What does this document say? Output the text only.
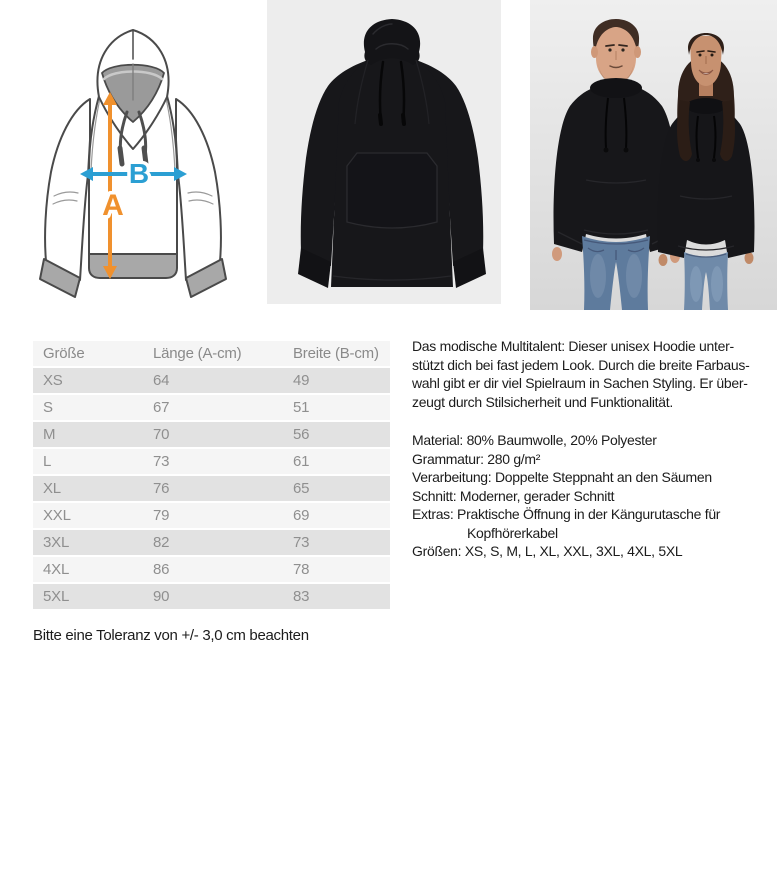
B
A
Größe	Länge (A-cm)	Breite (B-cm)
XS	64	49
S	67	51
M	70	56
L	73	61
XL	76	65
XXL	79	69
3XL	82	73
4XL	86	78
5XL	90	83
Bitte eine Toleranz von +/- 3,0 cm beachten
Das modische Multitalent: Dieser unisex Hoodie unter-
stützt dich bei fast jedem Look. Durch die breite Farbaus-
wahl gibt er dir viel Spielraum in Sachen Styling. Er über-
zeugt durch Stilsicherheit und Funktionalität.
Material: 80% Baumwolle, 20% Polyester
Grammatur: 280 g/m²
Verarbeitung: Doppelte Steppnaht an den Säumen
Schnitt: Moderner, gerader Schnitt
Extras: Praktische Öffnung in der Kängurutasche für
Kopfhörerkabel
Größen: XS, S, M, L, XL, XXL, 3XL, 4XL, 5XL
